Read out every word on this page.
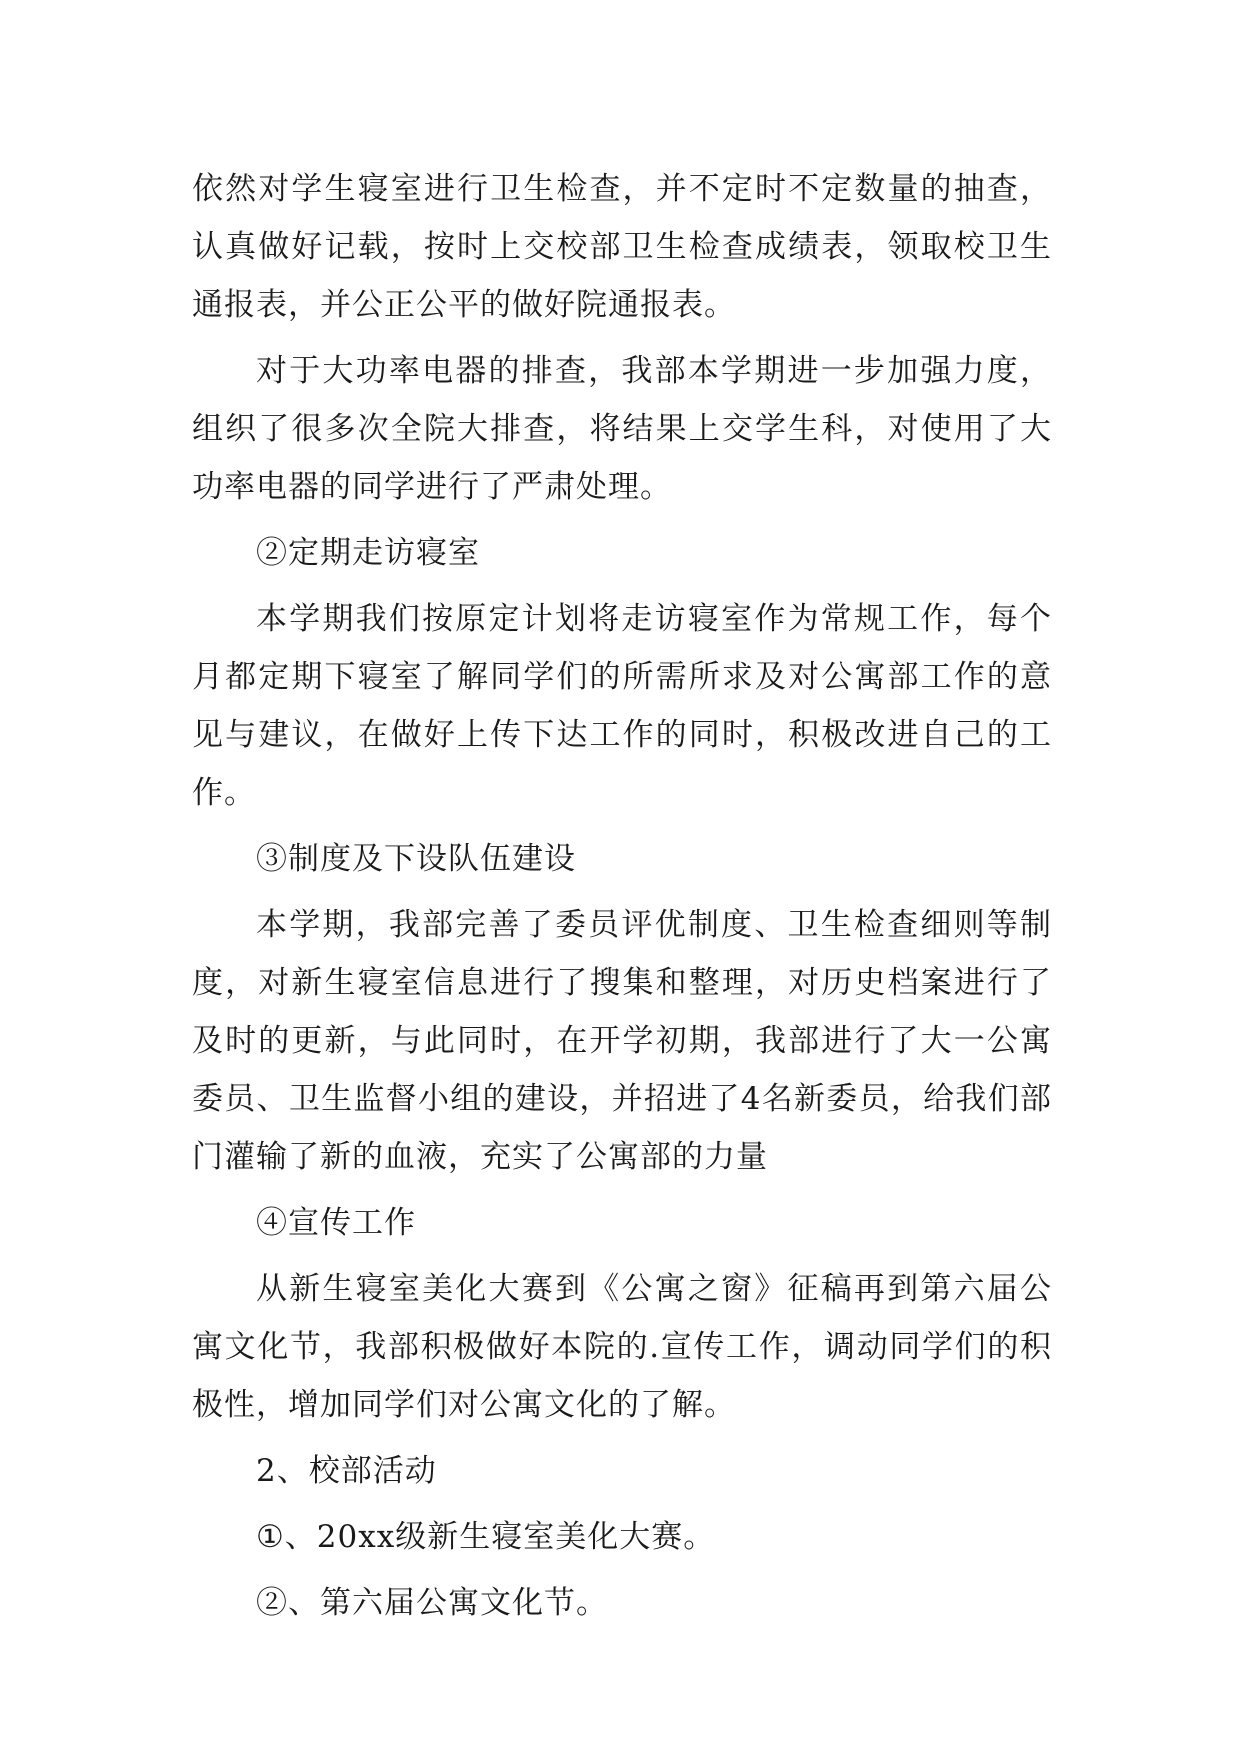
依然对学生寝室进行卫生检查，并不定时不定数量的抽查，认真做好记载，按时上交校部卫生检查成绩表，领取校卫生通报表，并公正公平的做好院通报表。

对于大功率电器的排查，我部本学期进一步加强力度，组织了很多次全院大排查，将结果上交学生科，对使用了大功率电器的同学进行了严肃处理。

②定期走访寝室

本学期我们按原定计划将走访寝室作为常规工作，每个月都定期下寝室了解同学们的所需所求及对公寓部工作的意见与建议，在做好上传下达工作的同时，积极改进自己的工作。

③制度及下设队伍建设

本学期，我部完善了委员评优制度、卫生检查细则等制度，对新生寝室信息进行了搜集和整理，对历史档案进行了及时的更新，与此同时，在开学初期，我部进行了大一公寓委员、卫生监督小组的建设，并招进了4名新委员，给我们部门灌输了新的血液，充实了公寓部的力量

④宣传工作

从新生寝室美化大赛到《公寓之窗》征稿再到第六届公寓文化节，我部积极做好本院的.宣传工作，调动同学们的积极性，增加同学们对公寓文化的了解。

2、校部活动

①、20xx级新生寝室美化大赛。

②、第六届公寓文化节。
